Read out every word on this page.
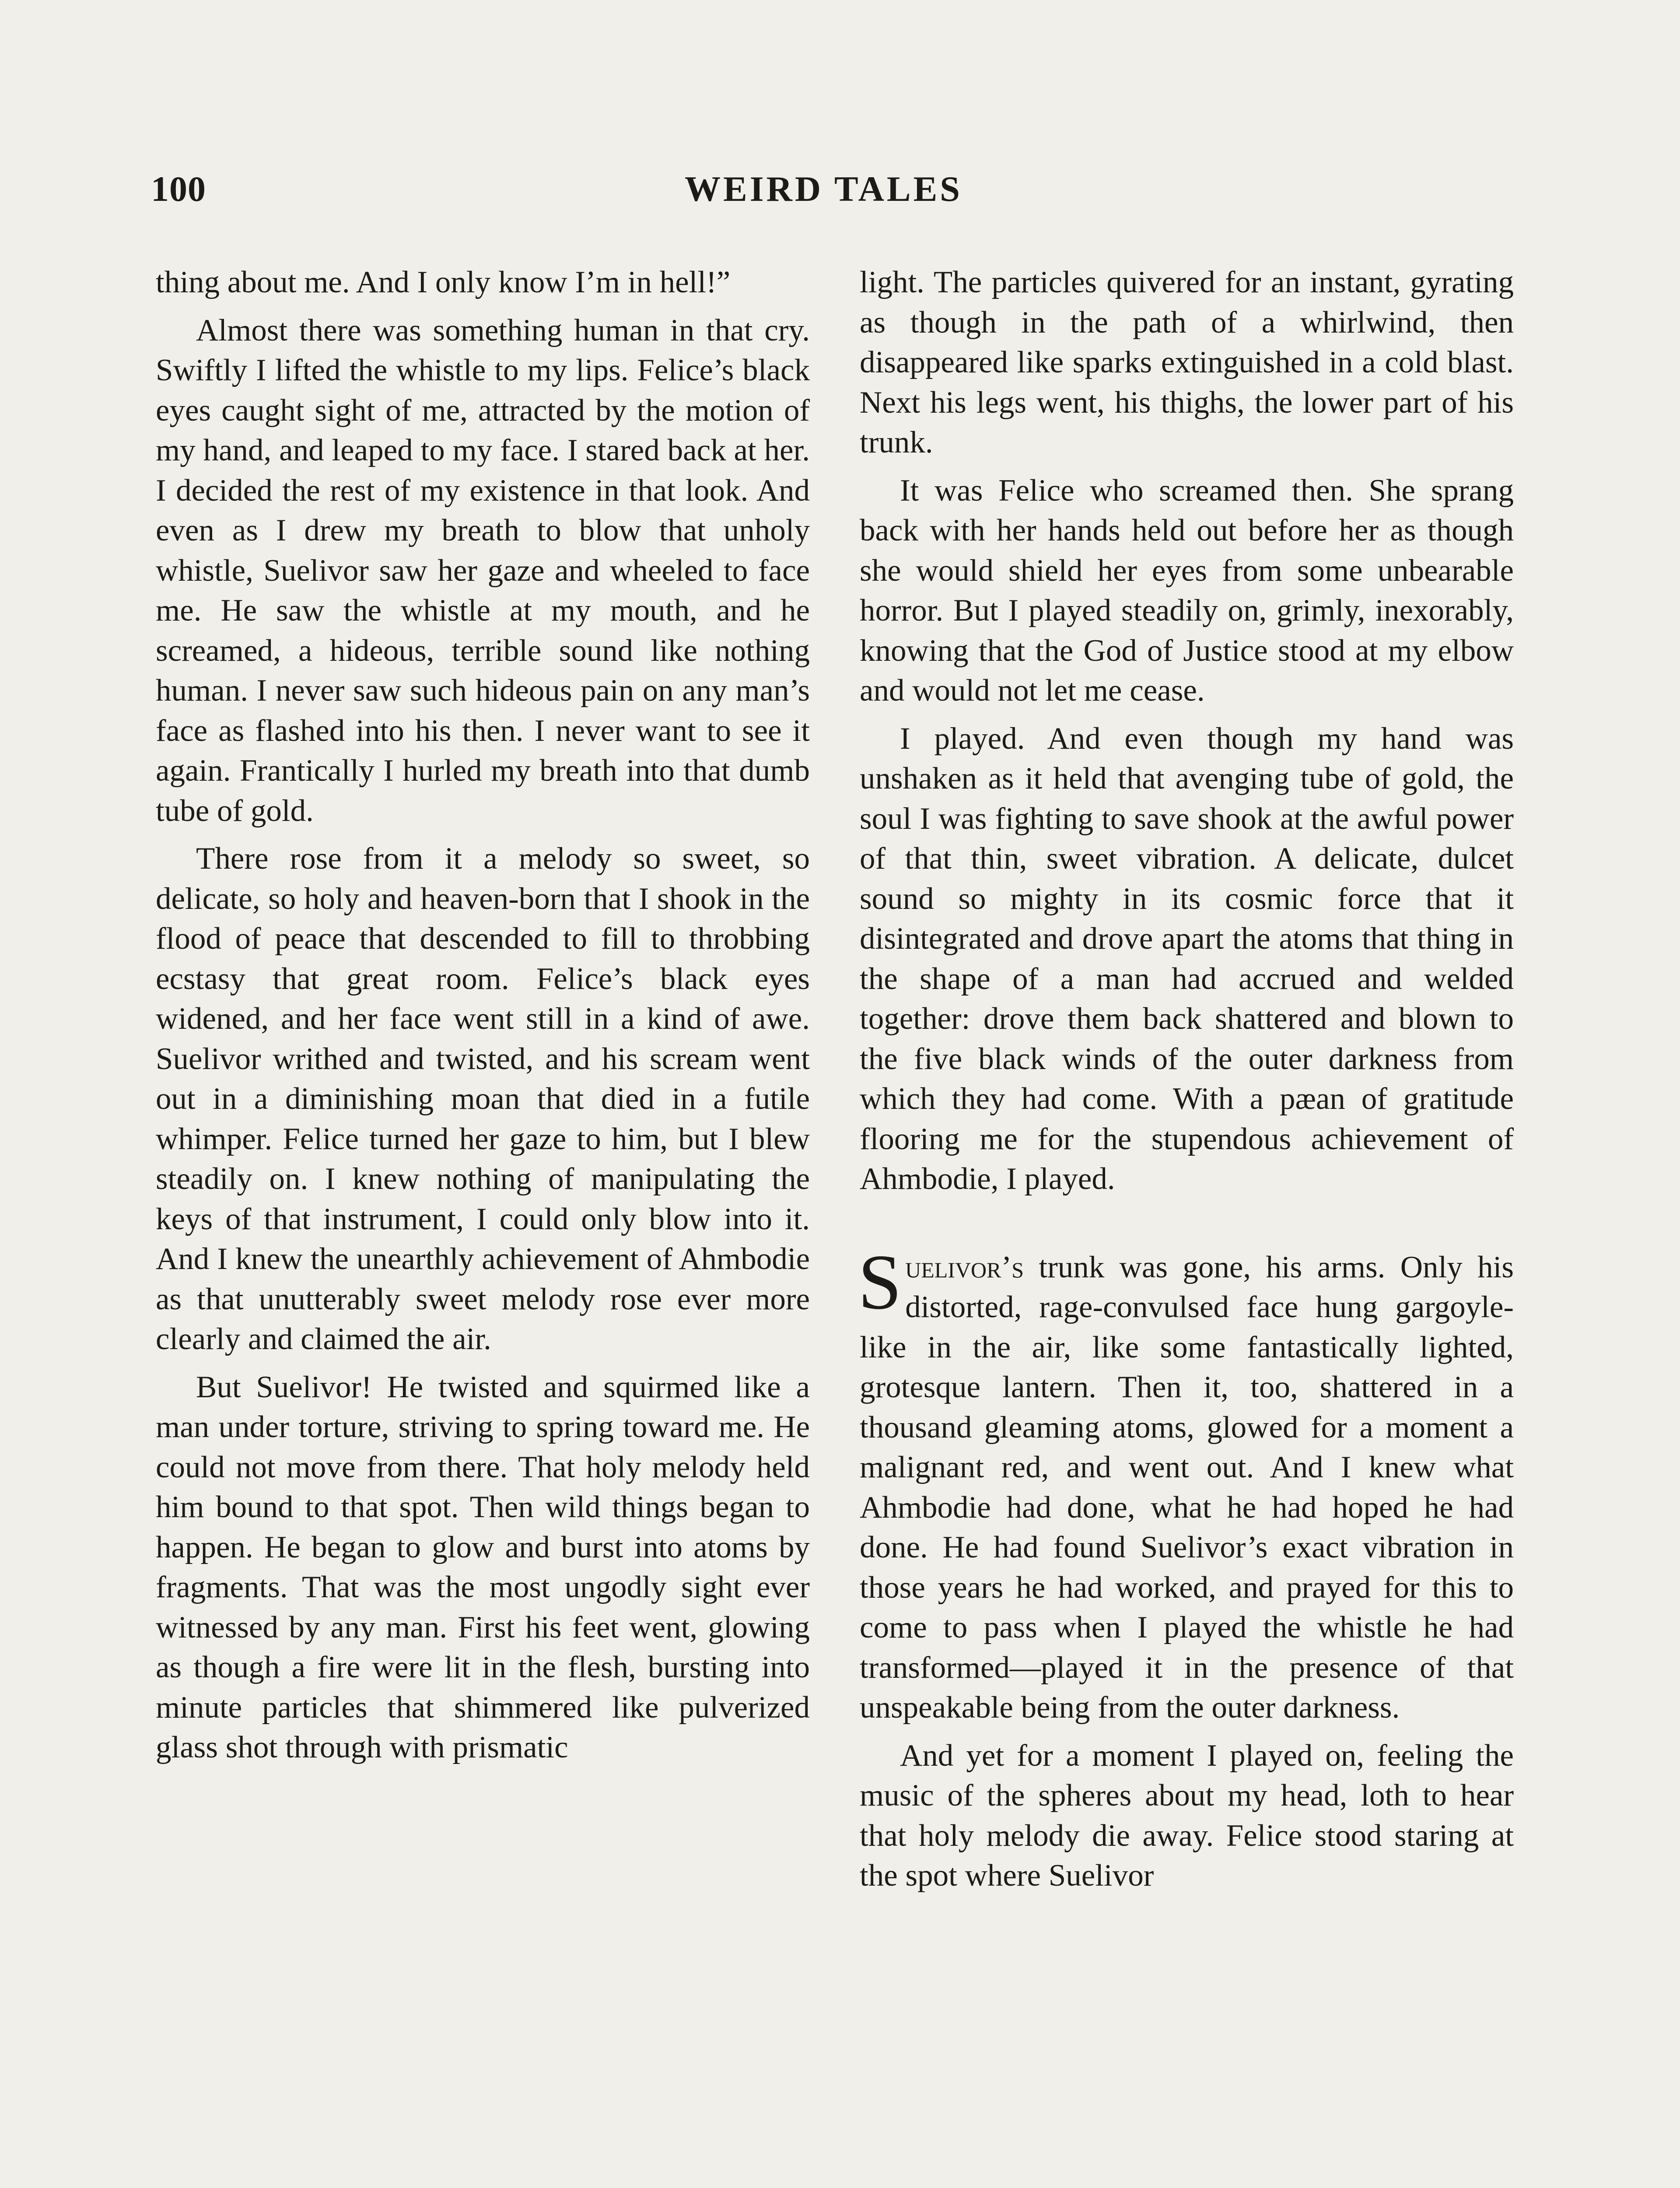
100	WEIRD TALES

thing about me. And I only know I’m in hell!”

Almost there was something human in that cry. Swiftly I lifted the whistle to my lips. Felice’s black eyes caught sight of me, attracted by the motion of my hand, and leaped to my face. I stared back at her. I decided the rest of my existence in that look. And even as I drew my breath to blow that unholy whistle, Suelivor saw her gaze and wheeled to face me. He saw the whistle at my mouth, and he screamed, a hideous, terrible sound like nothing human. I never saw such hideous pain on any man’s face as flashed into his then. I never want to see it again. Frantically I hurled my breath into that dumb tube of gold.

There rose from it a melody so sweet, so delicate, so holy and heaven-born that I shook in the flood of peace that descended to fill to throbbing ecstasy that great room. Felice’s black eyes widened, and her face went still in a kind of awe. Suelivor writhed and twisted, and his scream went out in a diminishing moan that died in a futile whimper. Felice turned her gaze to him, but I blew steadily on. I knew nothing of manipulating the keys of that instrument, I could only blow into it. And I knew the unearthly achievement of Ahmbodie as that unutterably sweet melody rose ever more clearly and claimed the air.

But Suelivor! He twisted and squirmed like a man under torture, striving to spring toward me. He could not move from there. That holy melody held him bound to that spot. Then wild things began to happen. He began to glow and burst into atoms by fragments. That was the most ungodly sight ever witnessed by any man. First his feet went, glowing as though a fire were lit in the flesh, bursting into minute particles that shimmered like pulverized glass shot through with prismatic

light. The particles quivered for an instant, gyrating as though in the path of a whirlwind, then disappeared like sparks extinguished in a cold blast. Next his legs went, his thighs, the lower part of his trunk.

It was Felice who screamed then. She sprang back with her hands held out before her as though she would shield her eyes from some unbearable horror. But I played steadily on, grimly, inexorably, knowing that the God of Justice stood at my elbow and would not let me cease.

I played. And even though my hand was unshaken as it held that avenging tube of gold, the soul I was fighting to save shook at the awful power of that thin, sweet vibration. A delicate, dulcet sound so mighty in its cosmic force that it disintegrated and drove apart the atoms that thing in the shape of a man had accrued and welded together: drove them back shattered and blown to the five black winds of the outer darkness from which they had come. With a pæan of gratitude flooring me for the stupendous achievement of Ahmbodie, I played.

Suelivor’s trunk was gone, his arms. Only his distorted, rage-convulsed face hung gargoyle-like in the air, like some fantastically lighted, grotesque lantern. Then it, too, shattered in a thousand gleaming atoms, glowed for a moment a malignant red, and went out. And I knew what Ahmbodie had done, what he had hoped he had done. He had found Suelivor’s exact vibration in those years he had worked, and prayed for this to come to pass when I played the whistle he had transformed—played it in the presence of that unspeakable being from the outer darkness.

And yet for a moment I played on, feeling the music of the spheres about my head, loth to hear that holy melody die away. Felice stood staring at the spot where Suelivor
